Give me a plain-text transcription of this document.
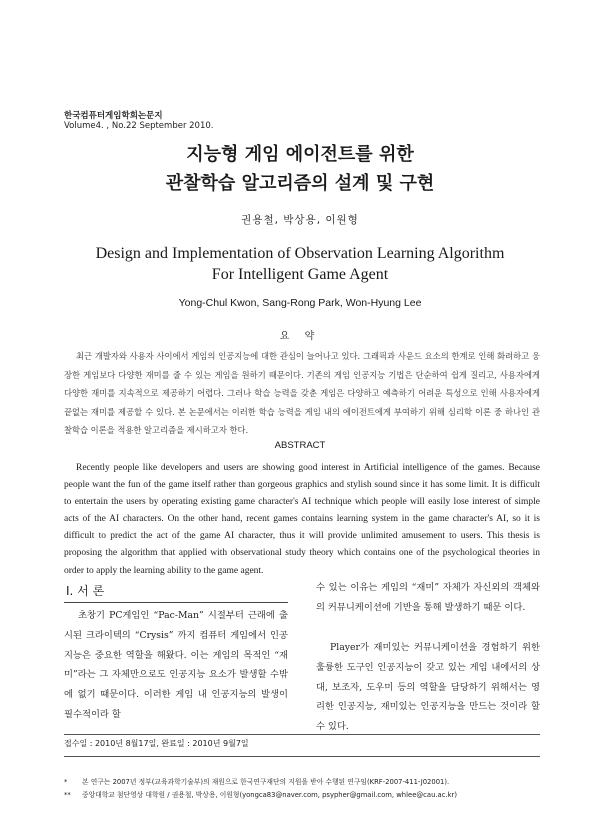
한국컴퓨터게임학회논문지
Volume4. , No.22 September 2010.
지능형 게임 에이전트를 위한
관찰학습 알고리즘의 설계 및 구현
권용철, 박상용, 이원형
Design and Implementation of Observation Learning Algorithm
For Intelligent Game Agent
Yong-Chul Kwon, Sang-Rong Park, Won-Hyung Lee
요 약

최근 개발자와 사용자 사이에서 게임의 인공지능에 대한 관심이 늘어나고 있다. 그래픽과 사운드 요소의 한계로 인해 화려하고 웅장한 게임보다 다양한 재미를 줄 수 있는 게임을 원하기 때문이다. 기존의 게임 인공지능 기법은 단순하여 쉽게 질리고, 사용자에게 다양한 재미를 지속적으로 제공하기 어렵다. 그러나 학습 능력을 갖춘 게임은 다양하고 예측하기 어려운 특성으로 인해 사용자에게 끝없는 재미를 제공할 수 있다. 본 논문에서는 이러한 학습 능력을 게임 내의 에이전트에게 부여하기 위해 심리학 이론 중 하나인 관찰학습 이론을 적용한 알고리즘을 제시하고자 한다.

ABSTRACT

Recently people like developers and users are showing good interest in Artificial intelligence of the games. Because people want the fun of the game itself rather than gorgeous graphics and stylish sound since it has some limit. It is difficult to entertain the users by operating existing game character's AI technique which people will easily lose interest of simple acts of the AI characters. On the other hand, recent games contains learning system in the game character's AI, so it is difficult to predict the act of the game AI character, thus it will provide unlimited amusement to users. This thesis is proposing the algorithm that applied with observational study theory which contains one of the psychological theories in order to apply the learning ability to the game agent.

Ⅰ. 서 론

초창기 PC게임인 “Pac-Man” 시절부터 근래에 출시된 크라이텍의 “Crysis” 까지 컴퓨터 게임에서 인공지능은 중요한 역할을 해왔다. 이는 게임의 목적인 “재미”라는 그 자체만으로도 인공지능 요소가 발생할 수밖에 없기 때문이다. 이러한 게임 내 인공지능의 발생이 필수적이라 할

수 있는 이유는 게임의 “재미” 자체가 자신외의 객체와의 커뮤니케이션에 기반을 통해 발생하기 때문 이다.

Player가 재미있는 커뮤니케이션을 경험하기 위한 훌륭한 도구인 인공지능이 갖고 있는 게임 내에서의 상대, 보조자, 도우미 등의 역할을 담당하기 위해서는 영리한 인공지능, 재미있는 인공지능을 만드는 것이라 할 수 있다.

접수일 : 2010년 8월17일, 완료일 : 2010년 9월7일
* 본 연구는 2007년 정부(교육과학기술부)의 재원으로 한국연구재단의 지원을 받아 수행된 연구임(KRF-2007-411-J02001).
** 중앙대학교 첨단영상 대학원 / 권용철, 박상용, 이원형(yongca83@naver.com, psypher@gmail.com, whlee@cau.ac.kr)
